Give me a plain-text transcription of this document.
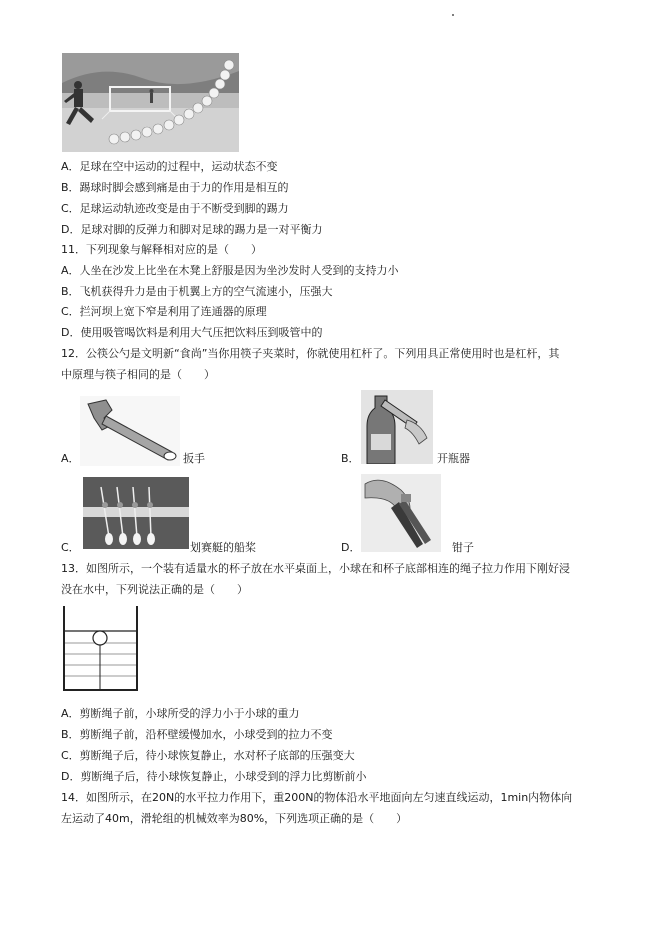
A．足球在空中运动的过程中，运动状态不变
B．踢球时脚会感到痛是由于力的作用是相互的
C．足球运动轨迹改变是由于不断受到脚的踢力
D．足球对脚的反弹力和脚对足球的踢力是一对平衡力
11．下列现象与解释相对应的是（　　）
A．人坐在沙发上比坐在木凳上舒服是因为坐沙发时人受到的支持力小
B．飞机获得升力是由于机翼上方的空气流速小，压强大
C．拦河坝上宽下窄是利用了连通器的原理
D．使用吸管喝饮料是利用大气压把饮料压到吸管中的
12．公筷公勺是文明新“食尚”当你用筷子夹菜时，你就使用杠杆了。下列用具正常使用时也是杠杆，其
中原理与筷子相同的是（　　）
A．	扳手	B．	开瓶器
C．	划赛艇的船桨	D．	钳子
13．如图所示，一个装有适量水的杯子放在水平桌面上，小球在和杯子底部相连的绳子拉力作用下刚好浸
没在水中，下列说法正确的是（　　）
A．剪断绳子前，小球所受的浮力小于小球的重力
B．剪断绳子前，沿杯壁缓慢加水，小球受到的拉力不变
C．剪断绳子后，待小球恢复静止，水对杯子底部的压强变大
D．剪断绳子后，待小球恢复静止，小球受到的浮力比剪断前小
14．如图所示，在20N的水平拉力作用下，重200N的物体沿水平地面向左匀速直线运动，1min内物体向
左运动了40m，滑轮组的机械效率为80%，下列选项正确的是（　　）
